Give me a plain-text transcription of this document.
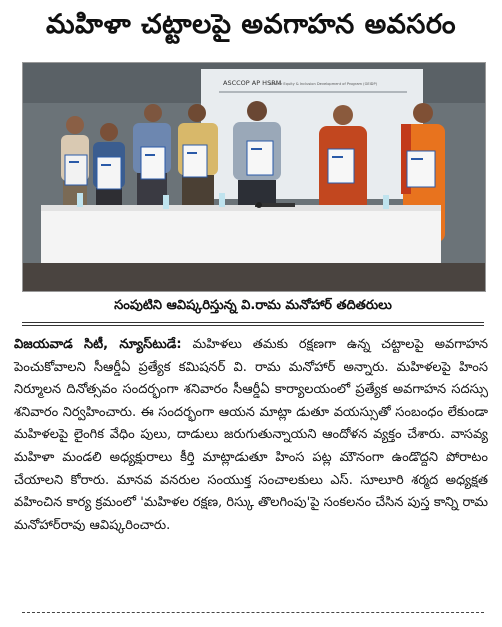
మహిళా చట్టాలపై అవగాహన అవసరం
ASCCOP AP HSRM
Gender Equity & Inclusion Development of Program (GEIDP)
సంపుటిని ఆవిష్కరిస్తున్న వి.రామ మనోహార్ తదితరులు

విజయవాడ సిటీ, న్యూస్‌టుడే: మహిళలు తమకు రక్షణగా ఉన్న చట్టాలపై అవగాహన పెంచుకోవాలని సీఆర్డీఏ ప్రత్యేక కమిషనర్ వి. రామ మనోహార్ అన్నారు. మహిళలపై హింస నిర్మూలన దినోత్సవం సందర్భంగా శనివారం సీఆర్డీఏ కార్యాలయంలో ప్రత్యేక అవగాహన సదస్సు శనివారం నిర్వహించారు. ఈ సందర్భంగా ఆయన మాట్లా డుతూ వయస్సుతో సంబంధం లేకుండా మహిళలపై లైంగిక వేధిం పులు, దాడులు జరుగుతున్నాయని ఆందోళన వ్యక్తం చేశారు. వాసవ్య మహిళా మండలి అధ్యక్షురాలు కీర్తి మాట్లాడుతూ హింస పట్ల మౌనంగా ఉండొద్దని పోరాటం చేయాలని కోరారు. మానవ వనరుల సంయుక్త సంచాలకులు ఎస్. సూలూరి శర్మద అధ్యక్షత వహించిన కార్య క్రమంలో 'మహిళల రక్షణ, రిస్కు తొలగింపు'పై సంకలనం చేసిన పుస్త కాన్ని రామ మనోహార్‌రావు ఆవిష్కరించారు.
